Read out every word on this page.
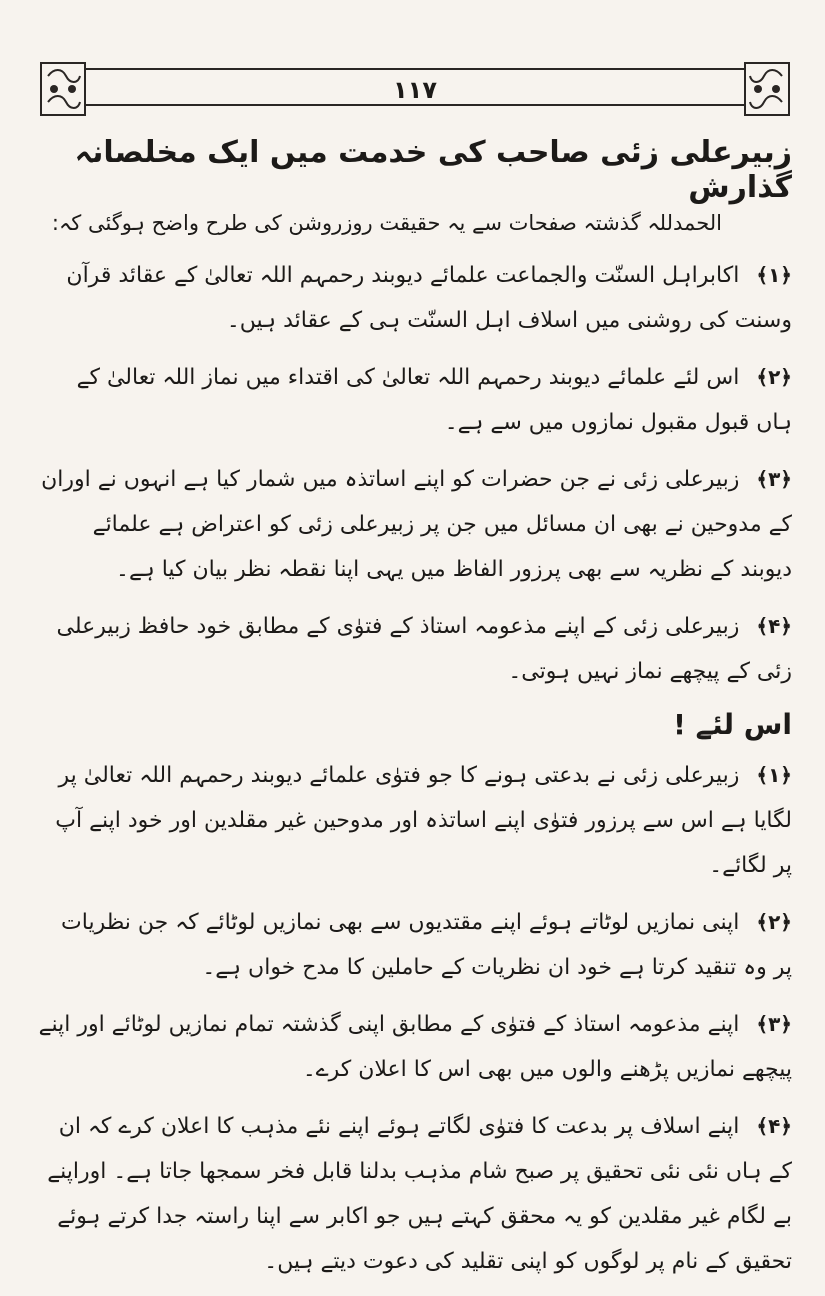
۱۱۷
زبیرعلی زئی صاحب کی خدمت میں ایک مخلصانہ گذارش
الحمدللہ گذشتہ صفحات سے یہ حقیقت روزروشن کی طرح واضح ہوگئی کہ:
﴿۱﴾ اکابراہل السنّت والجماعت علمائے دیوبند رحمہم اللہ تعالیٰ کے عقائد قرآن وسنت کی روشنی میں اسلاف اہل السنّت ہی کے عقائد ہیں۔
﴿۲﴾ اس لئے علمائے دیوبند رحمہم اللہ تعالیٰ کی اقتداء میں نماز اللہ تعالیٰ کے ہاں قبول مقبول نمازوں میں سے ہے۔
﴿۳﴾ زبیرعلی زئی نے جن حضرات کو اپنے اساتذہ میں شمار کیا ہے انہوں نے اوران کے مدوحین نے بھی ان مسائل میں جن پر زبیرعلی زئی کو اعتراض ہے علمائے دیوبند کے نظریہ سے بھی پرزور الفاظ میں یہی اپنا نقطہ نظر بیان کیا ہے۔
﴿۴﴾ زبیرعلی زئی کے اپنے مذعومہ استاذ کے فتوٰی کے مطابق خود حافظ زبیرعلی زئی کے پیچھے نماز نہیں ہوتی۔
اس لئے !
﴿۱﴾ زبیرعلی زئی نے بدعتی ہونے کا جو فتوٰی علمائے دیوبند رحمہم اللہ تعالیٰ پر لگایا ہے اس سے پرزور فتوٰی اپنے اساتذہ اور مدوحین غیر مقلدین اور خود اپنے آپ پر لگائے۔
﴿۲﴾ اپنی نمازیں لوٹاتے ہوئے اپنے مقتدیوں سے بھی نمازیں لوٹائے کہ جن نظریات پر وہ تنقید کرتا ہے خود ان نظریات کے حاملین کا مدح خواں ہے۔
﴿۳﴾ اپنے مذعومہ استاذ کے فتوٰی کے مطابق اپنی گذشتہ تمام نمازیں لوٹائے اور اپنے پیچھے نمازیں پڑھنے والوں میں بھی اس کا اعلان کرے۔
﴿۴﴾ اپنے اسلاف پر بدعت کا فتوٰی لگاتے ہوئے اپنے نئے مذہب کا اعلان کرے کہ ان کے ہاں نئی نئی تحقیق پر صبح شام مذہب بدلنا قابل فخر سمجھا جاتا ہے۔ اوراپنے بے لگام غیر مقلدین کو یہ محقق کہتے ہیں جو اکابر سے اپنا راستہ جدا کرتے ہوئے تحقیق کے نام پر لوگوں کو اپنی تقلید کی دعوت دیتے ہیں۔
